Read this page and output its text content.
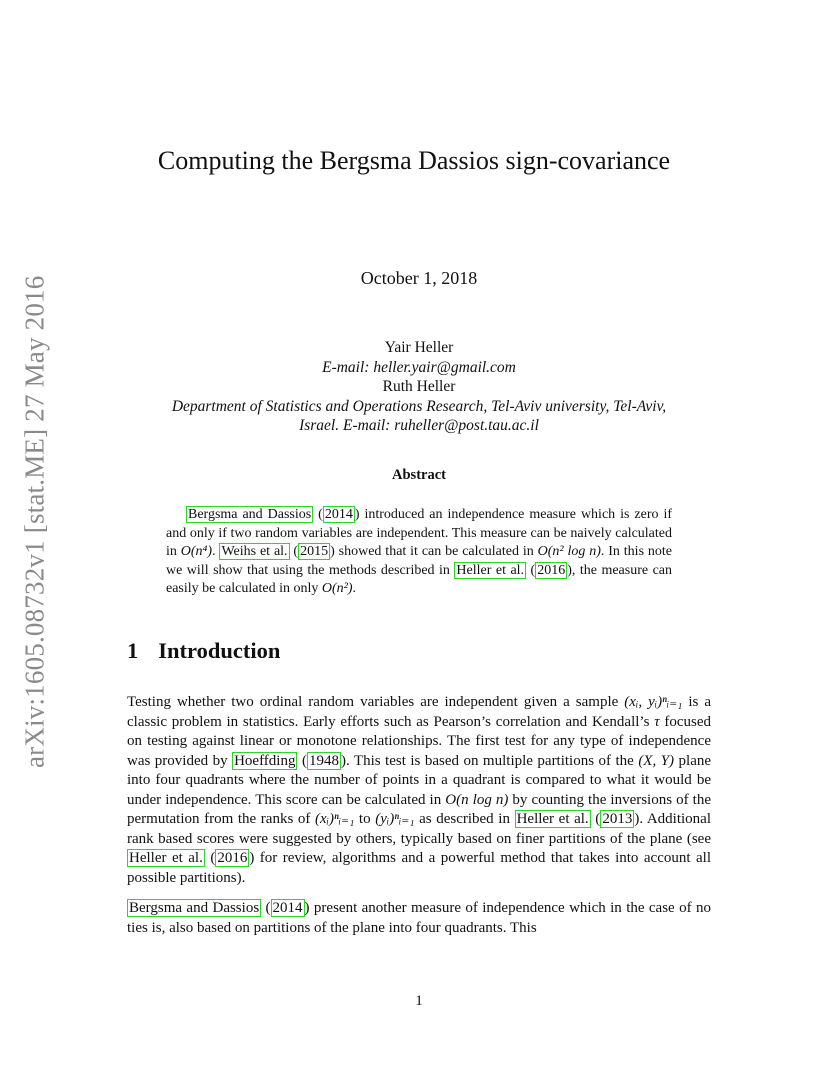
arXiv:1605.08732v1 [stat.ME] 27 May 2016
Computing the Bergsma Dassios sign-covariance
October 1, 2018
Yair Heller
E-mail: heller.yair@gmail.com
Ruth Heller
Department of Statistics and Operations Research, Tel-Aviv university, Tel-Aviv,
Israel. E-mail: ruheller@post.tau.ac.il
Abstract

Bergsma and Dassios ( 2014 ) introduced an independence measure which is zero if and only if two random variables are independent. This measure can be naively calculated in O(n⁴). Weihs et al. ( 2015 ) showed that it can be calculated in O(n² log n). In this note we will show that using the methods described in Heller et al. ( 2016 ), the measure can easily be calculated in only O(n²).

1 Introduction

Testing whether two ordinal random variables are independent given a sample (xᵢ, yᵢ)ⁿᵢ₌₁ is a classic problem in statistics. Early efforts such as Pearson’s correlation and Kendall’s τ focused on testing against linear or monotone relationships. The first test for any type of independence was provided by Hoeffding ( 1948 ). This test is based on multiple partitions of the (X, Y) plane into four quadrants where the number of points in a quadrant is compared to what it would be under independence. This score can be calculated in O(n log n) by counting the inversions of the permutation from the ranks of (xᵢ)ⁿᵢ₌₁ to (yᵢ)ⁿᵢ₌₁ as described in Heller et al. ( 2013 ). Additional rank based scores were suggested by others, typically based on finer partitions of the plane (see Heller et al. ( 2016 ) for review, algorithms and a powerful method that takes into account all possible partitions).

Bergsma and Dassios ( 2014 ) present another measure of independence which in the case of no ties is, also based on partitions of the plane into four quadrants. This

1
